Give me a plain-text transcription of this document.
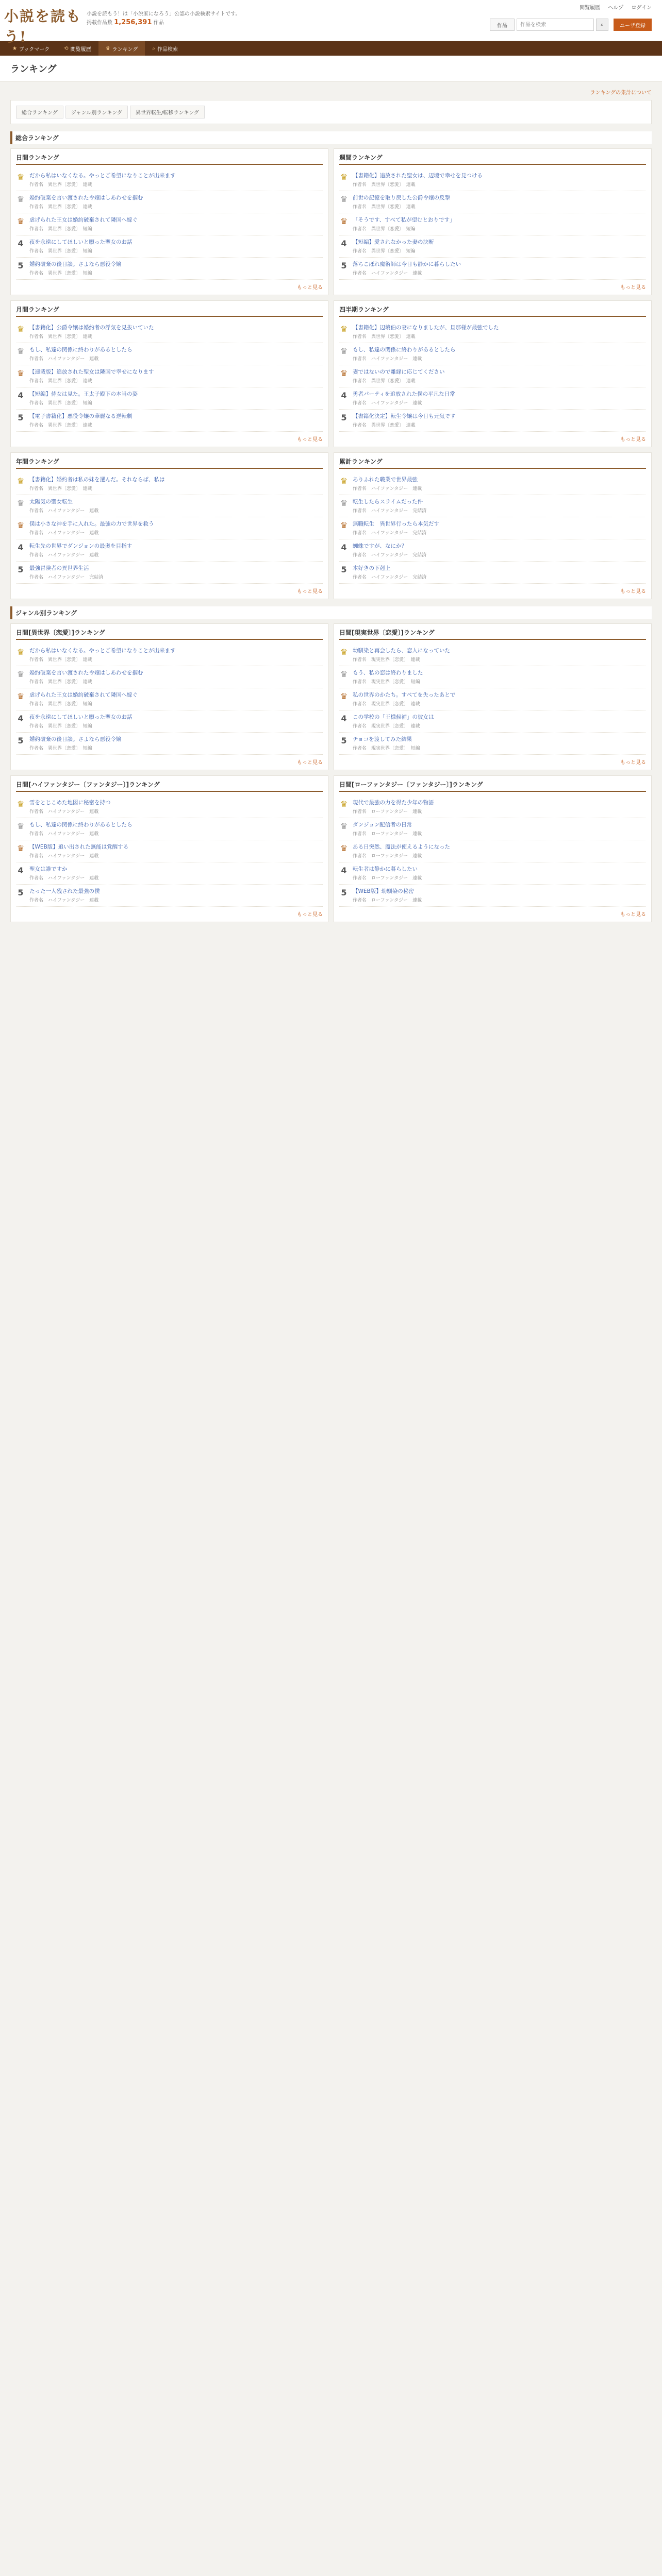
小説を読もう!
小説を読もう！は「小説家になろう」公認の小説検索サイトです。
掲載作品数 1,256,391 作品
閲覧履歴 ヘルプ ログイン
作品
作品を検索	⌕	ユーザ登録
★ ブックマーク	⟲ 閲覧履歴	♛ ランキング	⌕ 作品検索
ランキング
ランキングの集計について
総合ランキング	ジャンル別ランキング	異世界転生/転移ランキング
総合ランキング
日間ランキング
♛ だから私はいなくなる。やっとご希望になりことが出来ます
作者名　 異世界〔恋愛〕　 連載
♛ 婚約破棄を言い渡された令嬢はしあわせを掴む
作者名　 異世界〔恋愛〕　 連載
♛ 虐げられた王女は婚約破棄されて隣国へ嫁ぐ
作者名　 異世界〔恋愛〕　 短編
4	夜を永遠にしてほしいと願った聖女のお話
作者名　 異世界〔恋愛〕　 短編
5	婚約破棄の後日談。さよなら悪役令嬢
作者名　 異世界〔恋愛〕　 短編
もっと見る
週間ランキング
♛ 【書籍化】追放された聖女は、辺境で幸せを見つける
作者名　 異世界〔恋愛〕　 連載
♛ 前世の記憶を取り戻した公爵令嬢の反撃
作者名　 異世界〔恋愛〕　 連載
♛ 「そうです、すべて私が望むとおりです」
作者名　 異世界〔恋愛〕　 短編
4	【短編】愛されなかった妻の決断
作者名　 異世界〔恋愛〕　 短編
5	落ちこぼれ魔術師は今日も静かに暮らしたい
作者名　 ハイファンタジー　 連載
もっと見る
月間ランキング
♛ 【書籍化】公爵令嬢は婚約者の浮気を見抜いていた
作者名　 異世界〔恋愛〕　 連載
♛ もし、私達の関係に終わりがあるとしたら
作者名　 ハイファンタジー　 連載
♛ 【連載版】追放された聖女は隣国で幸せになります
作者名　 異世界〔恋愛〕　 連載
4	【短編】侍女は見た。王太子殿下の本当の姿
作者名　 異世界〔恋愛〕　 短編
5	【電子書籍化】悪役令嬢の華麗なる逆転劇
作者名　 異世界〔恋愛〕　 連載
もっと見る
四半期ランキング
♛ 【書籍化】辺境伯の妻になりましたが、旦那様が最強でした
作者名　 異世界〔恋愛〕　 連載
♛ もし、私達の関係に終わりがあるとしたら
作者名　 ハイファンタジー　 連載
♛ 妻ではないので離縁に応じてください
作者名　 異世界〔恋愛〕　 連載
4	勇者パーティを追放された僕の平凡な日常
作者名　 ハイファンタジー　 連載
5	【書籍化決定】転生令嬢は今日も元気です
作者名　 異世界〔恋愛〕　 連載
もっと見る
年間ランキング
♛ 【書籍化】婚約者は私の妹を選んだ。それならば、私は
作者名　 異世界〔恋愛〕　 連載
♛ 太陽気の聖女転生
作者名　 ハイファンタジー　 連載
♛ 僕は小さな神を手に入れた。最強の力で世界を救う
作者名　 ハイファンタジー　 連載
4	転生先の世界でダンジョンの最奥を目指す
作者名　 ハイファンタジー　 連載
5	最強冒険者の異世界生活
作者名　 ハイファンタジー　 完結済
もっと見る
累計ランキング
♛ ありふれた職業で世界最強
作者名　 ハイファンタジー　 連載
♛ 転生したらスライムだった件
作者名　 ハイファンタジー　 完結済
♛ 無職転生　異世界行ったら本気だす
作者名　 ハイファンタジー　 完結済
4	蜘蛛ですが、なにか？
作者名　 ハイファンタジー　 完結済
5	本好きの下剋上
作者名　 ハイファンタジー　 完結済
もっと見る
ジャンル別ランキング
日間[異世界〔恋愛〕]ランキング
♛ だから私はいなくなる。やっとご希望になりことが出来ます
作者名　 異世界〔恋愛〕　 連載
♛ 婚約破棄を言い渡された令嬢はしあわせを掴む
作者名　 異世界〔恋愛〕　 連載
♛ 虐げられた王女は婚約破棄されて隣国へ嫁ぐ
作者名　 異世界〔恋愛〕　 短編
4	夜を永遠にしてほしいと願った聖女のお話
作者名　 異世界〔恋愛〕　 短編
5	婚約破棄の後日談。さよなら悪役令嬢
作者名　 異世界〔恋愛〕　 短編
もっと見る
日間[現実世界〔恋愛〕]ランキング
♛ 幼馴染と再会したら、恋人になっていた
作者名　 現実世界〔恋愛〕　 連載
♛ もう、私の恋は終わりました
作者名　 現実世界〔恋愛〕　 短編
♛ 私の世界のかたち。すべてを失ったあとで
作者名　 現実世界〔恋愛〕　 連載
4	この学校の「王様候補」の彼女は
作者名　 現実世界〔恋愛〕　 連載
5	チョコを渡してみた結果
作者名　 現実世界〔恋愛〕　 短編
もっと見る
日間[ハイファンタジー〔ファンタジー〕]ランキング
♛ 雪をとじこめた地図に秘密を持つ
作者名　 ハイファンタジー　 連載
♛ もし、私達の関係に終わりがあるとしたら
作者名　 ハイファンタジー　 連載
♛ 【WEB版】追い出された無能は覚醒する
作者名　 ハイファンタジー　 連載
4	聖女は誰ですか
作者名　 ハイファンタジー　 連載
5	たった一人残された最強の僕
作者名　 ハイファンタジー　 連載
もっと見る
日間[ローファンタジー〔ファンタジー〕]ランキング
♛ 現代で最強の力を得た少年の物語
作者名　 ローファンタジー　 連載
♛ ダンジョン配信者の日常
作者名　 ローファンタジー　 連載
♛ ある日突然、魔法が使えるようになった
作者名　 ローファンタジー　 連載
4	転生者は静かに暮らしたい
作者名　 ローファンタジー　 連載
5	【WEB版】幼馴染の秘密
作者名　 ローファンタジー　 連載
もっと見る
